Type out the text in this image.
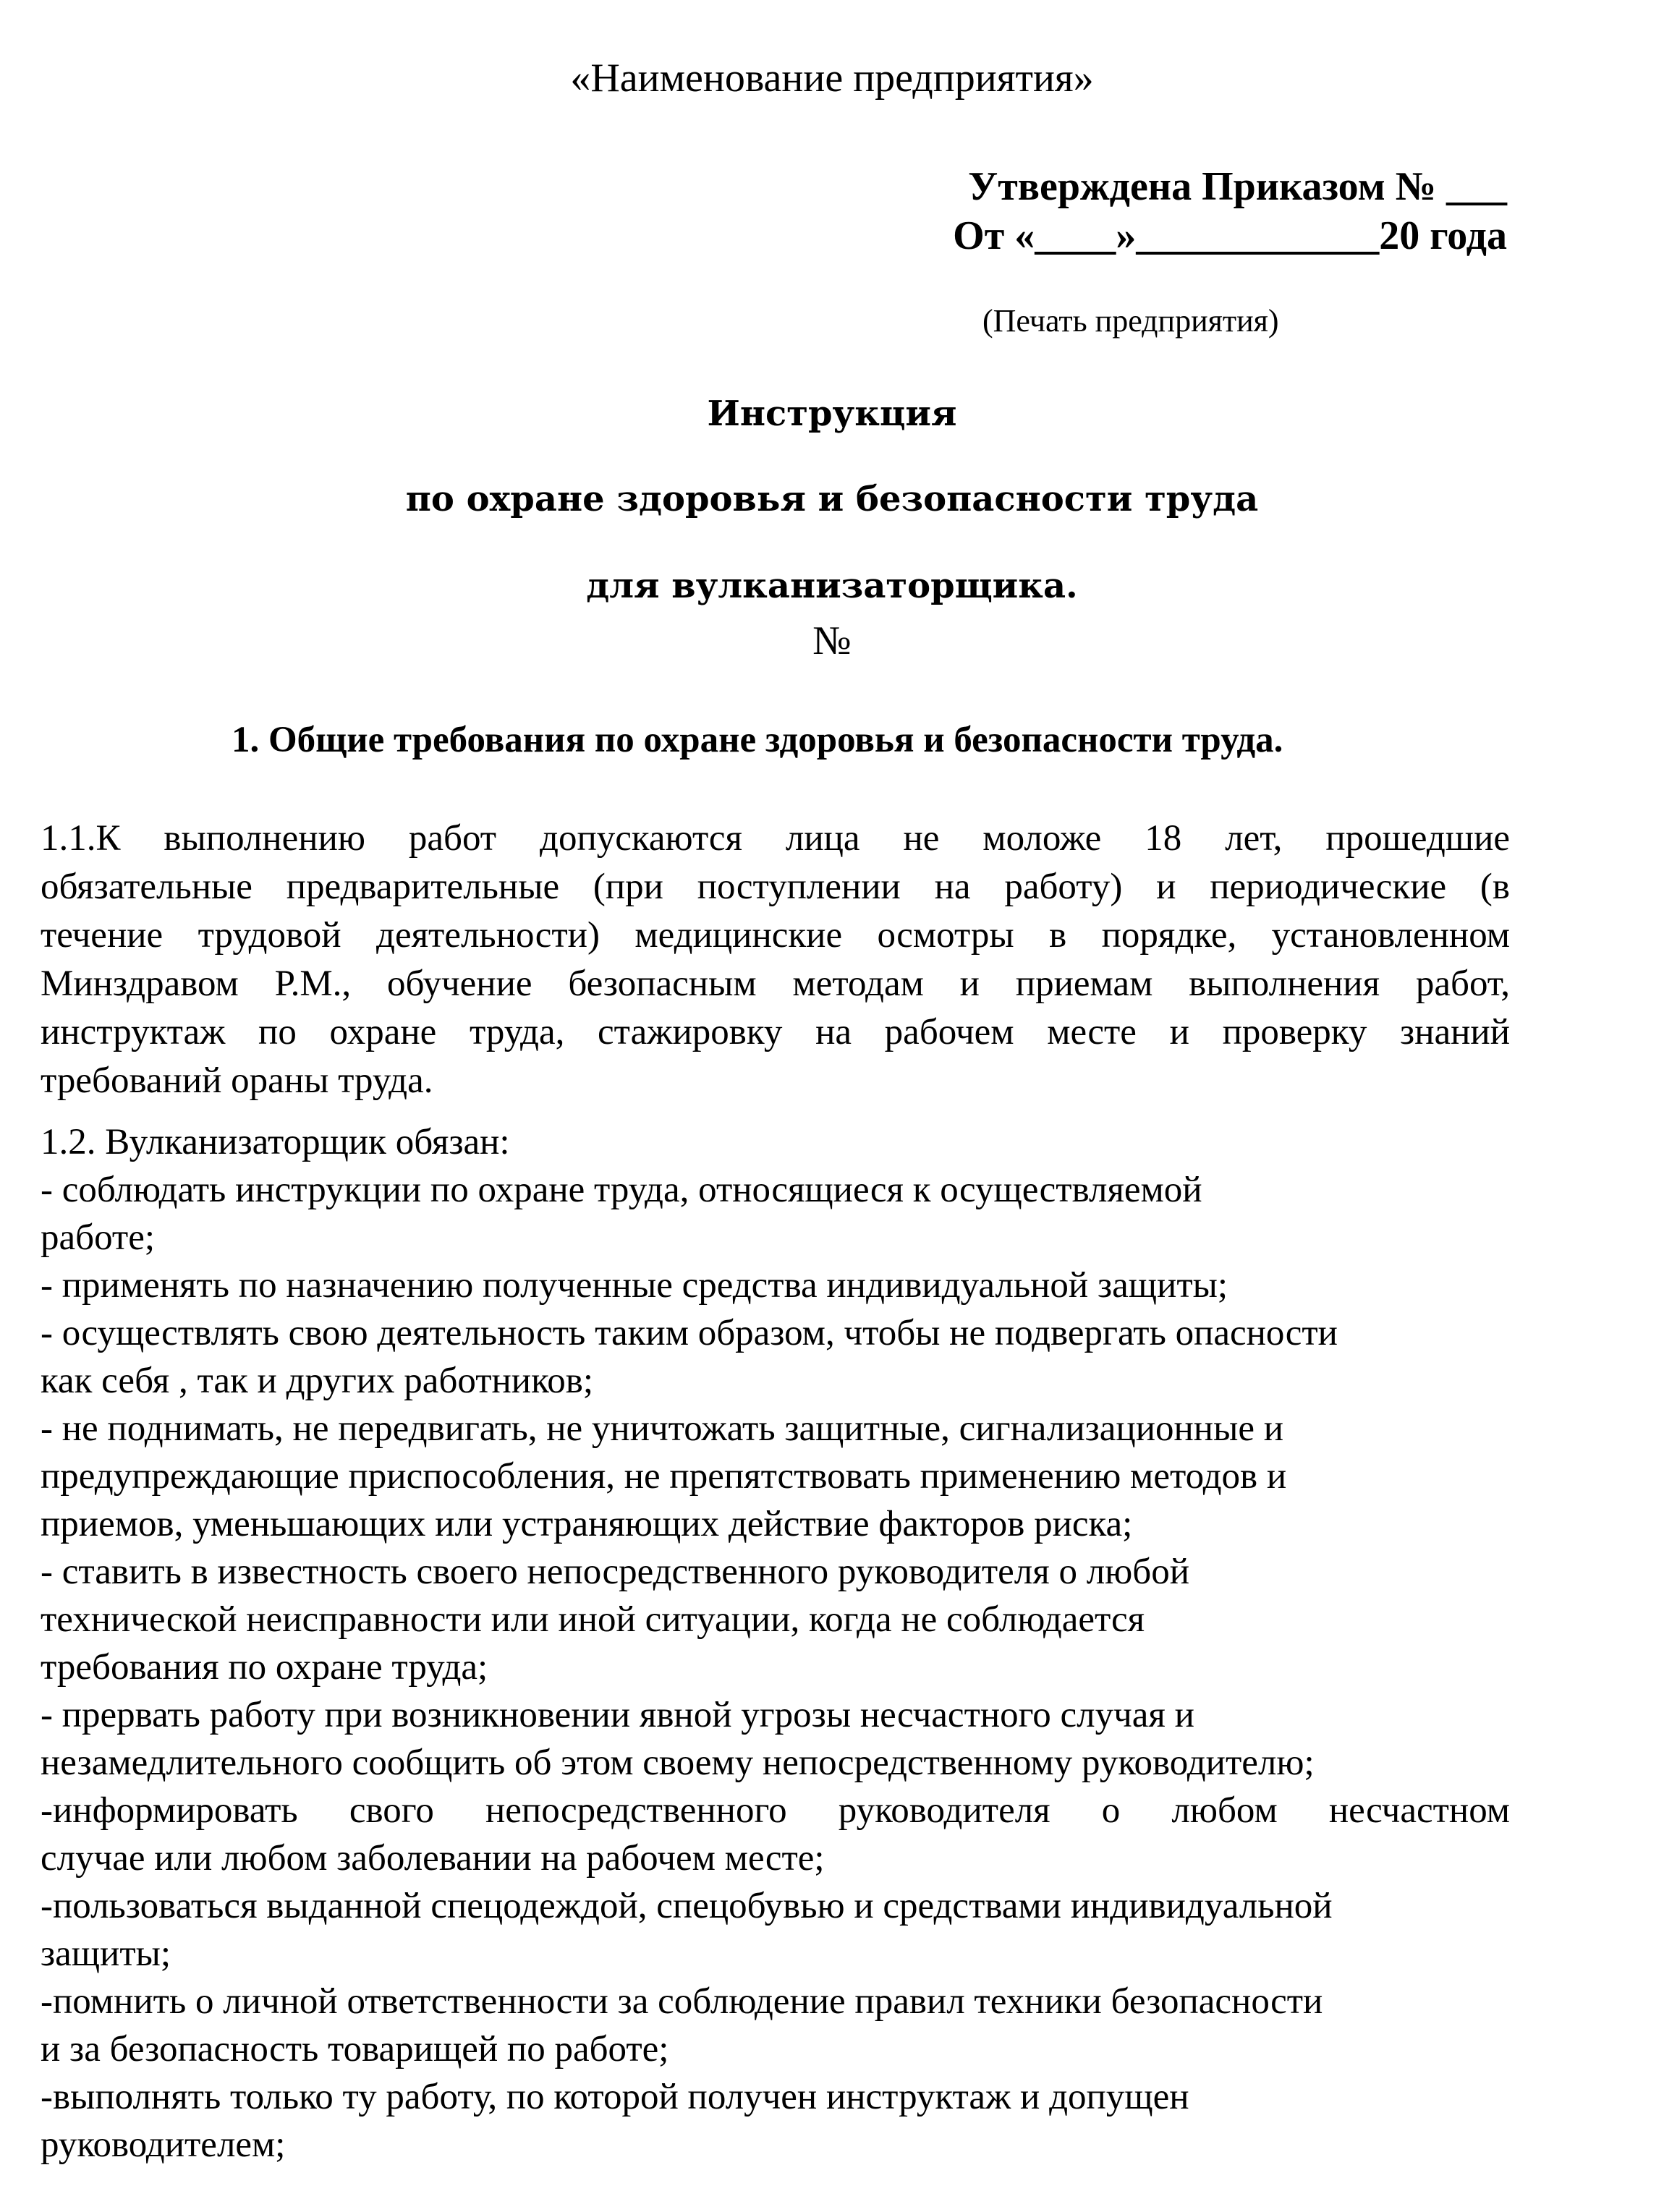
«Наименование предприятия»
Утверждена Приказом № ___
От «____»____________20 года
(Печать предприятия)
Инструкция
по охране здоровья и безопасности труда
для вулканизаторщика.
№
1. Общие требования по охране здоровья и безопасности труда.
1.1.К выполнению работ допускаются лица не моложе 18 лет, прошедшие
обязательные предварительные (при поступлении на работу) и периодические (в
течение трудовой деятельности) медицинские осмотры в порядке, установленном
Минздравом Р.М., обучение безопасным методам и приемам выполнения работ,
инструктаж по охране труда, стажировку на рабочем месте и проверку знаний
требований ораны труда.
1.2. Вулканизаторщик обязан:
- соблюдать инструкции по охране труда, относящиеся к осуществляемой
работе;
- применять по назначению полученные средства индивидуальной защиты;
- осуществлять свою деятельность таким образом, чтобы не подвергать опасности
как себя , так и других работников;
- не поднимать, не передвигать, не уничтожать защитные, сигнализационные и
предупреждающие приспособления, не препятствовать применению методов и
приемов, уменьшающих или устраняющих действие факторов риска;
- ставить в известность своего непосредственного руководителя о любой
технической неисправности или иной ситуации, когда не соблюдается
требования по охране труда;
- прервать работу при возникновении явной угрозы несчастного случая и
незамедлительного сообщить об этом своему непосредственному руководителю;
-информировать свого непосредственного руководителя о любом несчастном
случае или любом заболевании на рабочем месте;
-пользоваться выданной спецодеждой, спецобувью и средствами индивидуальной
защиты;
-помнить о личной ответственности за соблюдение правил техники безопасности
и за безопасность товарищей по работе;
-выполнять только ту работу, по которой получен инструктаж и допущен
руководителем;
